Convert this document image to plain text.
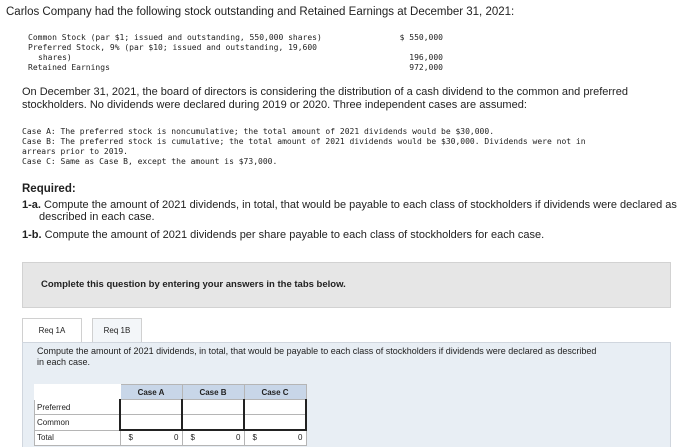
Carlos Company had the following stock outstanding and Retained Earnings at December 31, 2021:
Common Stock (par $1; issued and outstanding, 550,000 shares)	$ 550,000
Preferred Stock, 9% (par $10; issued and outstanding, 19,600
shares)	196,000
Retained Earnings	972,000
On December 31, 2021, the board of directors is considering the distribution of a cash dividend to the common and preferred stockholders. No dividends were declared during 2019 or 2020. Three independent cases are assumed:
Case A: The preferred stock is noncumulative; the total amount of 2021 dividends would be $30,000.
Case B: The preferred stock is cumulative; the total amount of 2021 dividends would be $30,000. Dividends were not in
arrears prior to 2019.
Case C: Same as Case B, except the amount is $73,000.
Required:
1-a. Compute the amount of 2021 dividends, in total, that would be payable to each class of stockholders if dividends were declared as
described in each case.
1-b. Compute the amount of 2021 dividends per share payable to each class of stockholders for each case.
Complete this question by entering your answers in the tabs below.
Req 1A	Req 1B
Compute the amount of 2021 dividends, in total, that would be payable to each class of stockholders if dividends were declared as described in each case.
	Case A	Case B	Case C
Preferred	

Common	

Total	$ 0	$ 0	$ 0
